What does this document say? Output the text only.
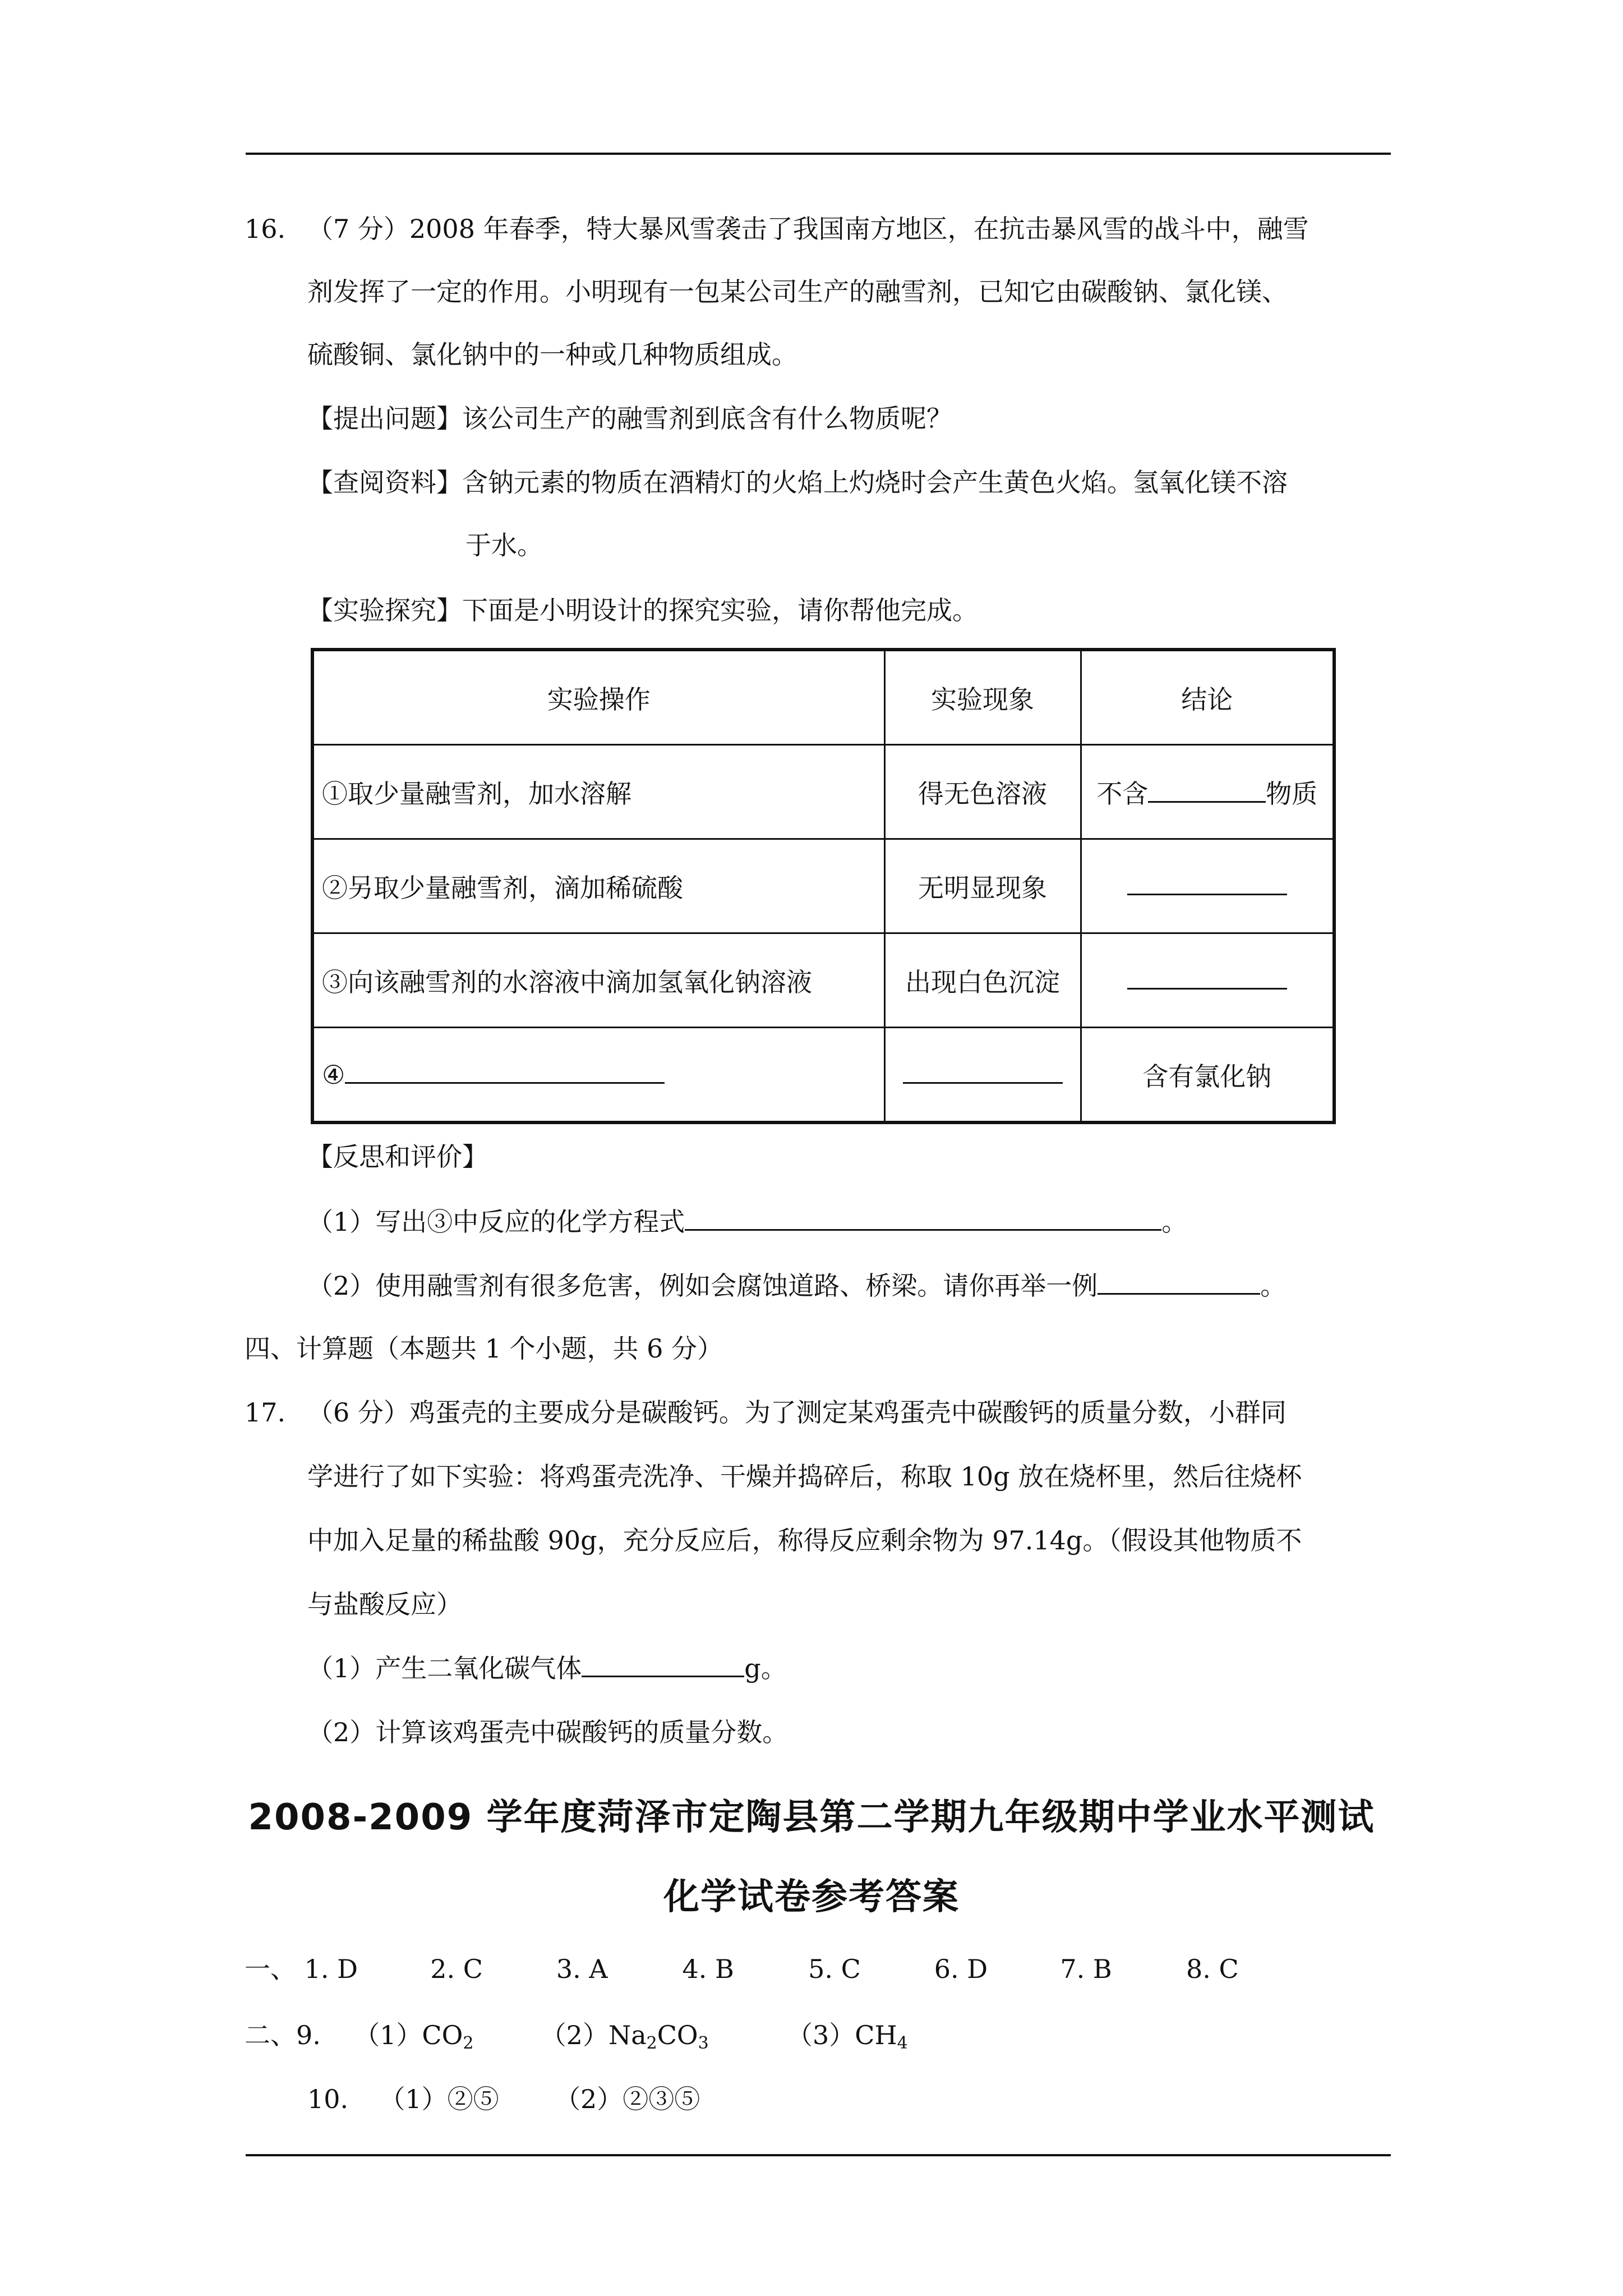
16. （7 分）2008 年春季，特大暴风雪袭击了我国南方地区，在抗击暴风雪的战斗中，融雪
剂发挥了一定的作用。小明现有一包某公司生产的融雪剂，已知它由碳酸钠、氯化镁、
硫酸铜、氯化钠中的一种或几种物质组成。
【提出问题】该公司生产的融雪剂到底含有什么物质呢？
【查阅资料】含钠元素的物质在酒精灯的火焰上灼烧时会产生黄色火焰。氢氧化镁不溶
于水。
【实验探究】下面是小明设计的探究实验，请你帮他完成。
实验操作	实验现象	结论
①取少量融雪剂，加水溶解	得无色溶液	不含 物质
②另取少量融雪剂，滴加稀硫酸	无明显现象	
③向该融雪剂的水溶液中滴加氢氧化钠溶液	出现白色沉淀	
④		含有氯化钠
【反思和评价】
（1）写出③中反应的化学方程式	。
（2）使用融雪剂有很多危害，例如会腐蚀道路、桥梁。请你再举一例	。
四、计算题（本题共 1 个小题，共 6 分）
17. （6 分）鸡蛋壳的主要成分是碳酸钙。为了测定某鸡蛋壳中碳酸钙的质量分数，小群同
学进行了如下实验：将鸡蛋壳洗净、干燥并捣碎后，称取 10g 放在烧杯里，然后往烧杯
中加入足量的稀盐酸 90g，充分反应后，称得反应剩余物为 97.14g。（假设其他物质不
与盐酸反应）
（1）产生二氧化碳气体	g。
（2）计算该鸡蛋壳中碳酸钙的质量分数。
2008-2009 学年度菏泽市定陶县第二学期九年级期中学业水平测试
化学试卷参考答案
一、 1. D	2. C	3. A	4. B	5. C	6. D	7. B	8. C
二、9. $(1)CO_2$	$(2)Na_2CO_3$	$(3)CH_4$
10. （1）②⑤ （2）②③⑤
